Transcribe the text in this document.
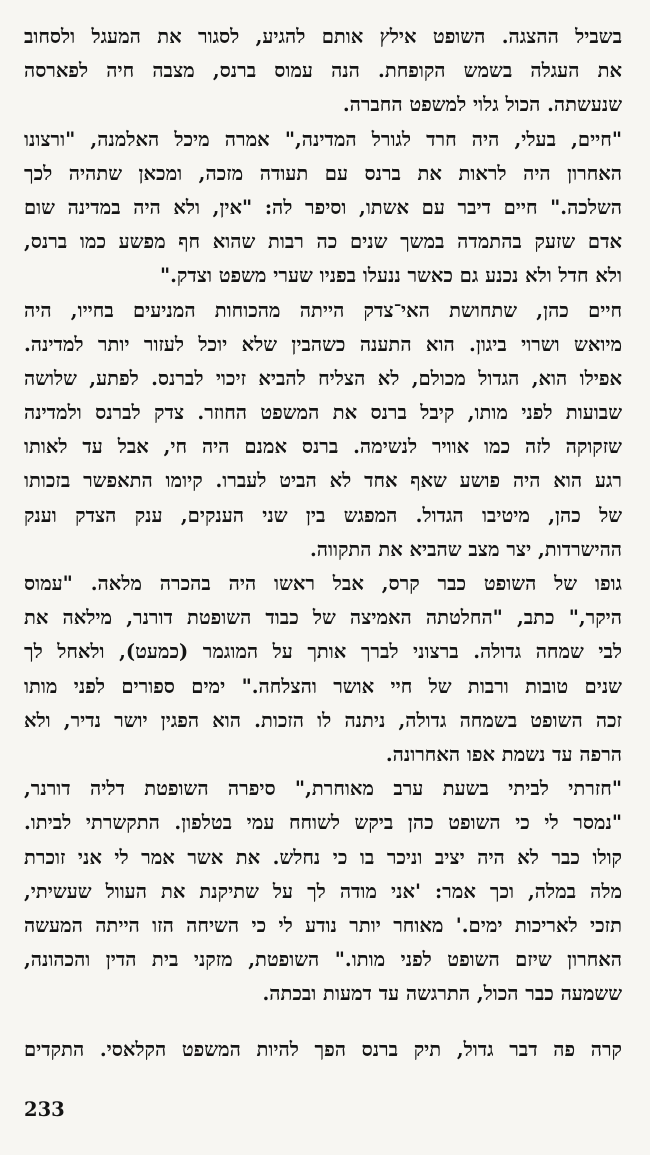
בשביל ההצגה. השופט אילץ אותם להגיע, לסגור את המעגל ולסחוב
את העגלה בשמש הקופחת. הנה עמוס ברנס, מצבה חיה לפארסה
שנעשתה. הכול גלוי למשפט החברה.
"חיים, בעלי, היה חרד לגורל המדינה," אמרה מיכל האלמנה, "ורצונו
האחרון היה לראות את ברנס עם תעודה מזכה, ומכאן שתהיה לכך
השלכה." חיים דיבר עם אשתו, וסיפר לה: "אין, ולא היה במדינה שום
אדם שזעק בהתמדה במשך שנים כה רבות שהוא חף מפשע כמו ברנס,
ולא חדל ולא נכנע גם כאשר ננעלו בפניו שערי משפט וצדק."
חיים כהן, שתחושת האי־צדק הייתה מהכוחות המניעים בחייו, היה
מיואש ושרוי ביגון. הוא התענה כשהבין שלא יוכל לעזור יותר למדינה.
אפילו הוא, הגדול מכולם, לא הצליח להביא זיכוי לברנס. לפתע, שלושה
שבועות לפני מותו, קיבל ברנס את המשפט החוזר. צדק לברנס ולמדינה
שזקוקה לזה כמו אוויר לנשימה. ברנס אמנם היה חי, אבל עד לאותו
רגע הוא היה פושע שאף אחד לא הביט לעברו. קיומו התאפשר בזכותו
של כהן, מיטיבו הגדול. המפגש בין שני הענקים, ענק הצדק וענק
ההישרדות, יצר מצב שהביא את התקווה.
גופו של השופט כבר קרס, אבל ראשו היה בהכרה מלאה. "עמוס
היקר," כתב, "החלטתה האמיצה של כבוד השופטת דורנר, מילאה את
לבי שמחה גדולה. ברצוני לברך אותך על המוגמר (כמעט), ולאחל לך
שנים טובות ורבות של חיי אושר והצלחה." ימים ספורים לפני מותו
זכה השופט בשמחה גדולה, ניתנה לו הזכות. הוא הפגין יושר נדיר, ולא
הרפה עד נשמת אפו האחרונה.
"חזרתי לביתי בשעת ערב מאוחרת," סיפרה השופטת דליה דורנר,
"נמסר לי כי השופט כהן ביקש לשוחח עמי בטלפון. התקשרתי לביתו.
קולו כבר לא היה יציב וניכר בו כי נחלש. את אשר אמר לי אני זוכרת
מלה במלה, וכך אמר: 'אני מודה לך על שתיקנת את העוול שעשיתי,
תזכי לאריכות ימים.' מאוחר יותר נודע לי כי השיחה הזו הייתה המעשה
האחרון שיזם השופט לפני מותו." השופטת, מזקני בית הדין והכהונה,
ששמעה כבר הכול, התרגשה עד דמעות ובכתה.
קרה פה דבר גדול, תיק ברנס הפך להיות המשפט הקלאסי. התקדים
233
